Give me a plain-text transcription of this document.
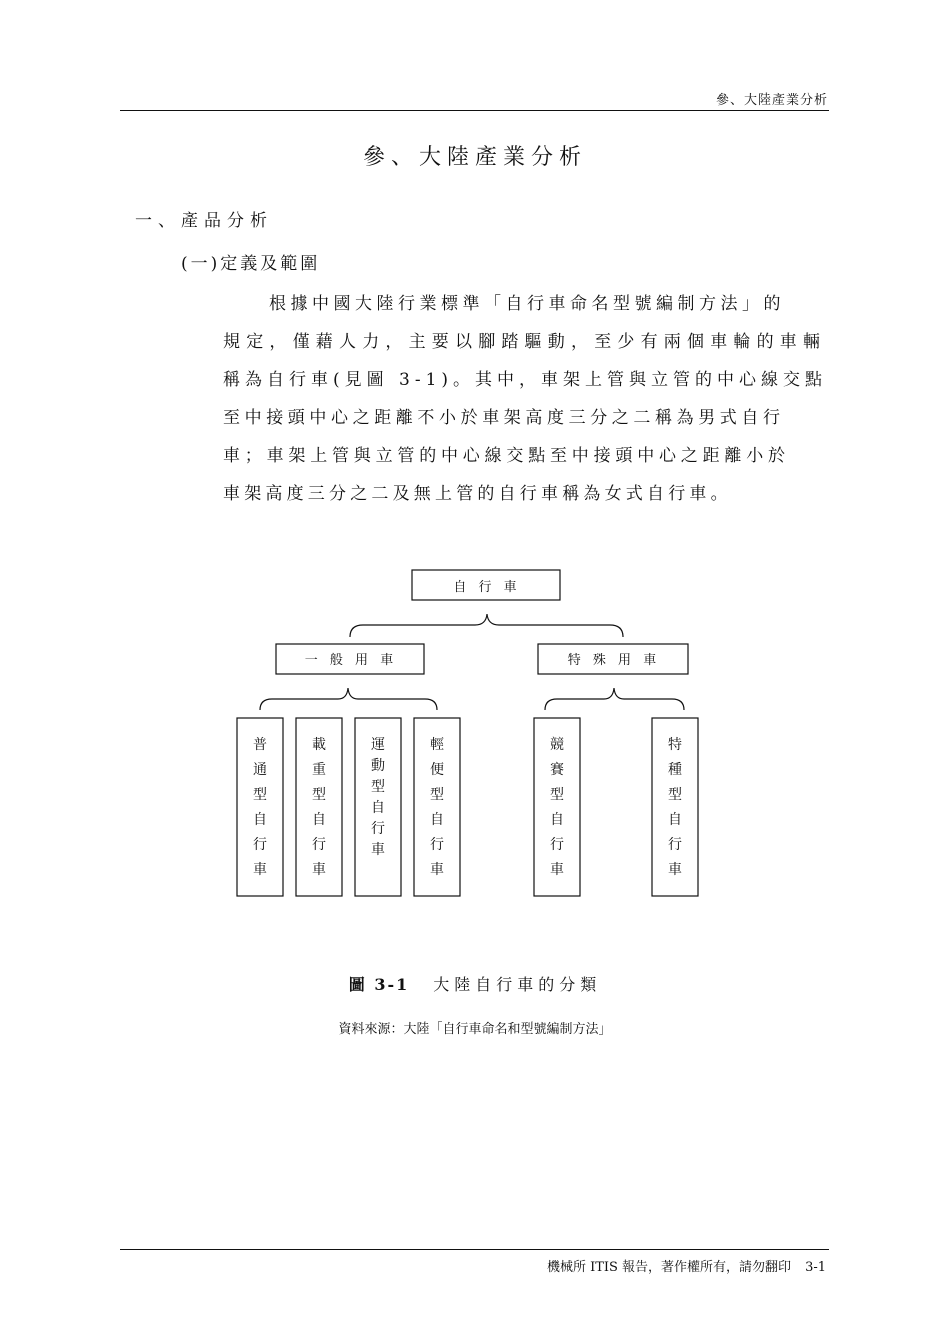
參、大陸產業分析
參、大陸產業分析
一、產品分析
(一)定義及範圍
根據中國大陸行業標準「自行車命名型號編制方法」的
規定，僅藉人力，主要以腳踏驅動，至少有兩個車輪的車輛
稱為自行車(見圖 3-1)。其中，車架上管與立管的中心線交點
至中接頭中心之距離不小於車架高度三分之二稱為男式自行
車；車架上管與立管的中心線交點至中接頭中心之距離小於
車架高度三分之二及無上管的自行車稱為女式自行車。
自 行 車
一 般 用 車	特 殊 用 車
普通型自行車
載重型自行車
運動型自行車
輕便型自行車
競賽型自行車
特種型自行車
圖 3-1 大陸自行車的分類
資料來源：大陸「自行車命名和型號編制方法」
機械所 ITIS 報告，著作權所有，請勿翻印 3-1
